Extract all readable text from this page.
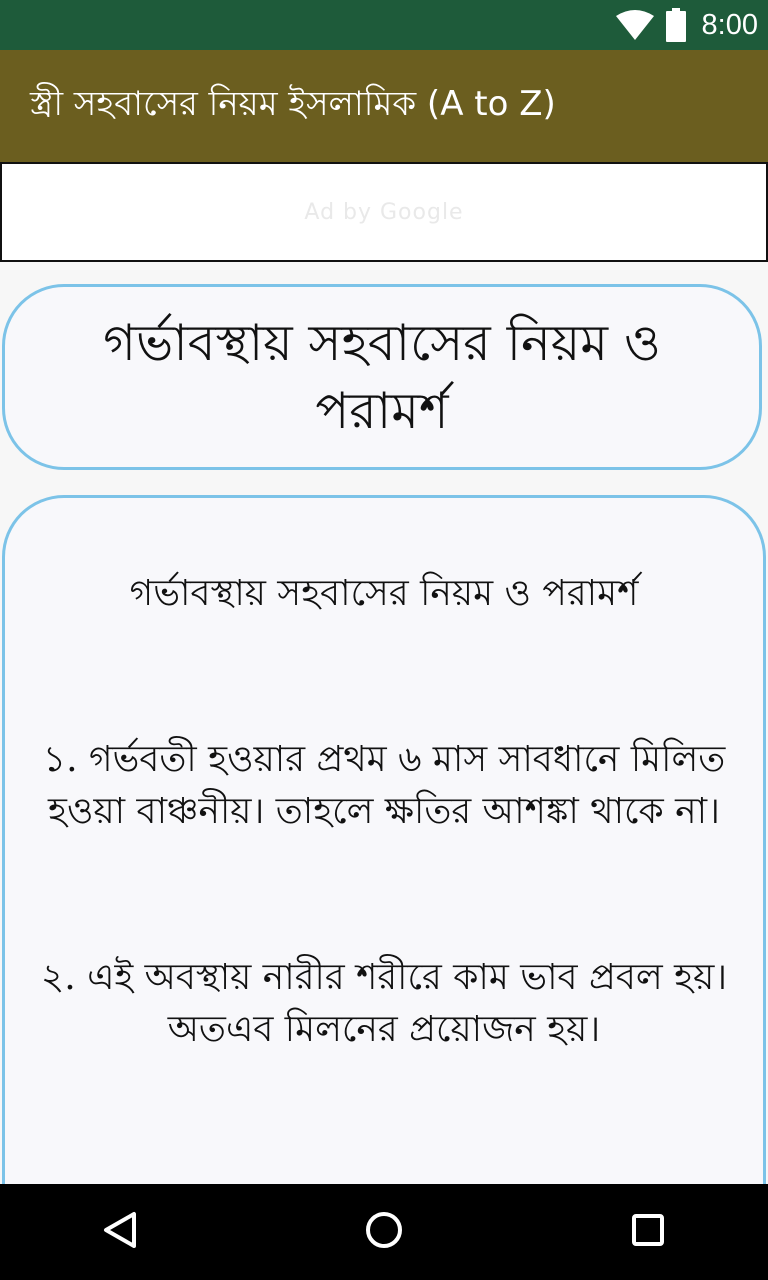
8:00
স্ত্রী সহবাসের নিয়ম ইসলামিক (A to Z)
Ad by Google
গর্ভাবস্থায় সহবাসের নিয়ম ও পরামর্শ

গর্ভাবস্থায় সহবাসের নিয়ম ও পরামর্শ

১. গর্ভবতী হওয়ার প্রথম ৬ মাস সাবধানে মিলিত হওয়া বাঞ্চনীয়। তাহলে ক্ষতির আশঙ্কা থাকে না।

২. এই অবস্থায় নারীর শরীরে কাম ভাব প্রবল হয়। অতএব মিলনের প্রয়োজন হয়।
